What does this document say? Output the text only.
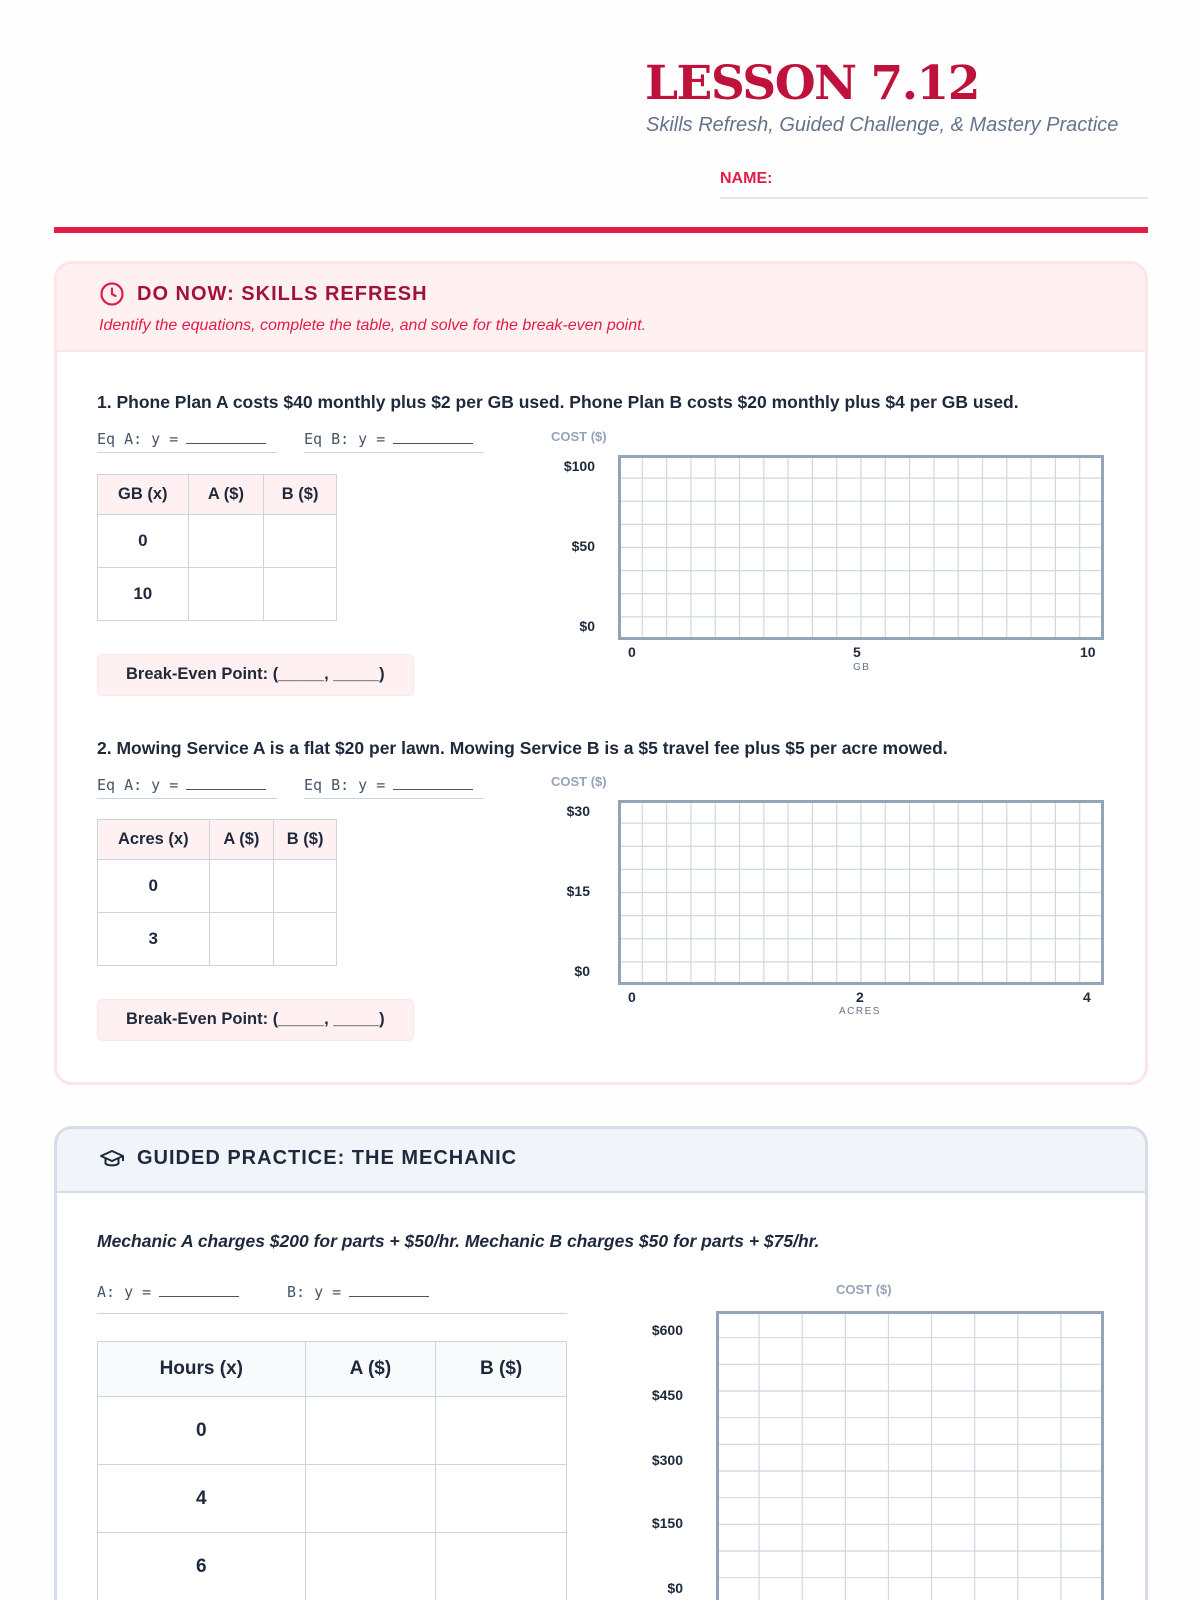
LESSON 7.12
Skills Refresh, Guided Challenge, & Mastery Practice
NAME:
DO NOW: SKILLS REFRESH
Identify the equations, complete the table, and solve for the break-even point.
1. Phone Plan A costs $40 monthly plus $2 per GB used. Phone Plan B costs $20 monthly plus $4 per GB used.
Eq A: y =	Eq B: y =
GB (x)	A ($)	B ($)
0		
10		
Break-Even Point: (_____, _____)
COST ($)
$100
$50
$0
0	5	10
GB
2. Mowing Service A is a flat $20 per lawn. Mowing Service B is a $5 travel fee plus $5 per acre mowed.
Eq A: y =	Eq B: y =
Acres (x)	A ($)	B ($)
0		
3		
Break-Even Point: (_____, _____)
COST ($)
$30
$15
$0
0	2	4
ACRES
GUIDED PRACTICE: THE MECHANIC
Mechanic A charges $200 for parts + $50/hr. Mechanic B charges $50 for parts + $75/hr.
A: y =	B: y =
Hours (x)	A ($)	B ($)
0		
4		
6		
COST ($)
$600
$450
$300
$150
$0
